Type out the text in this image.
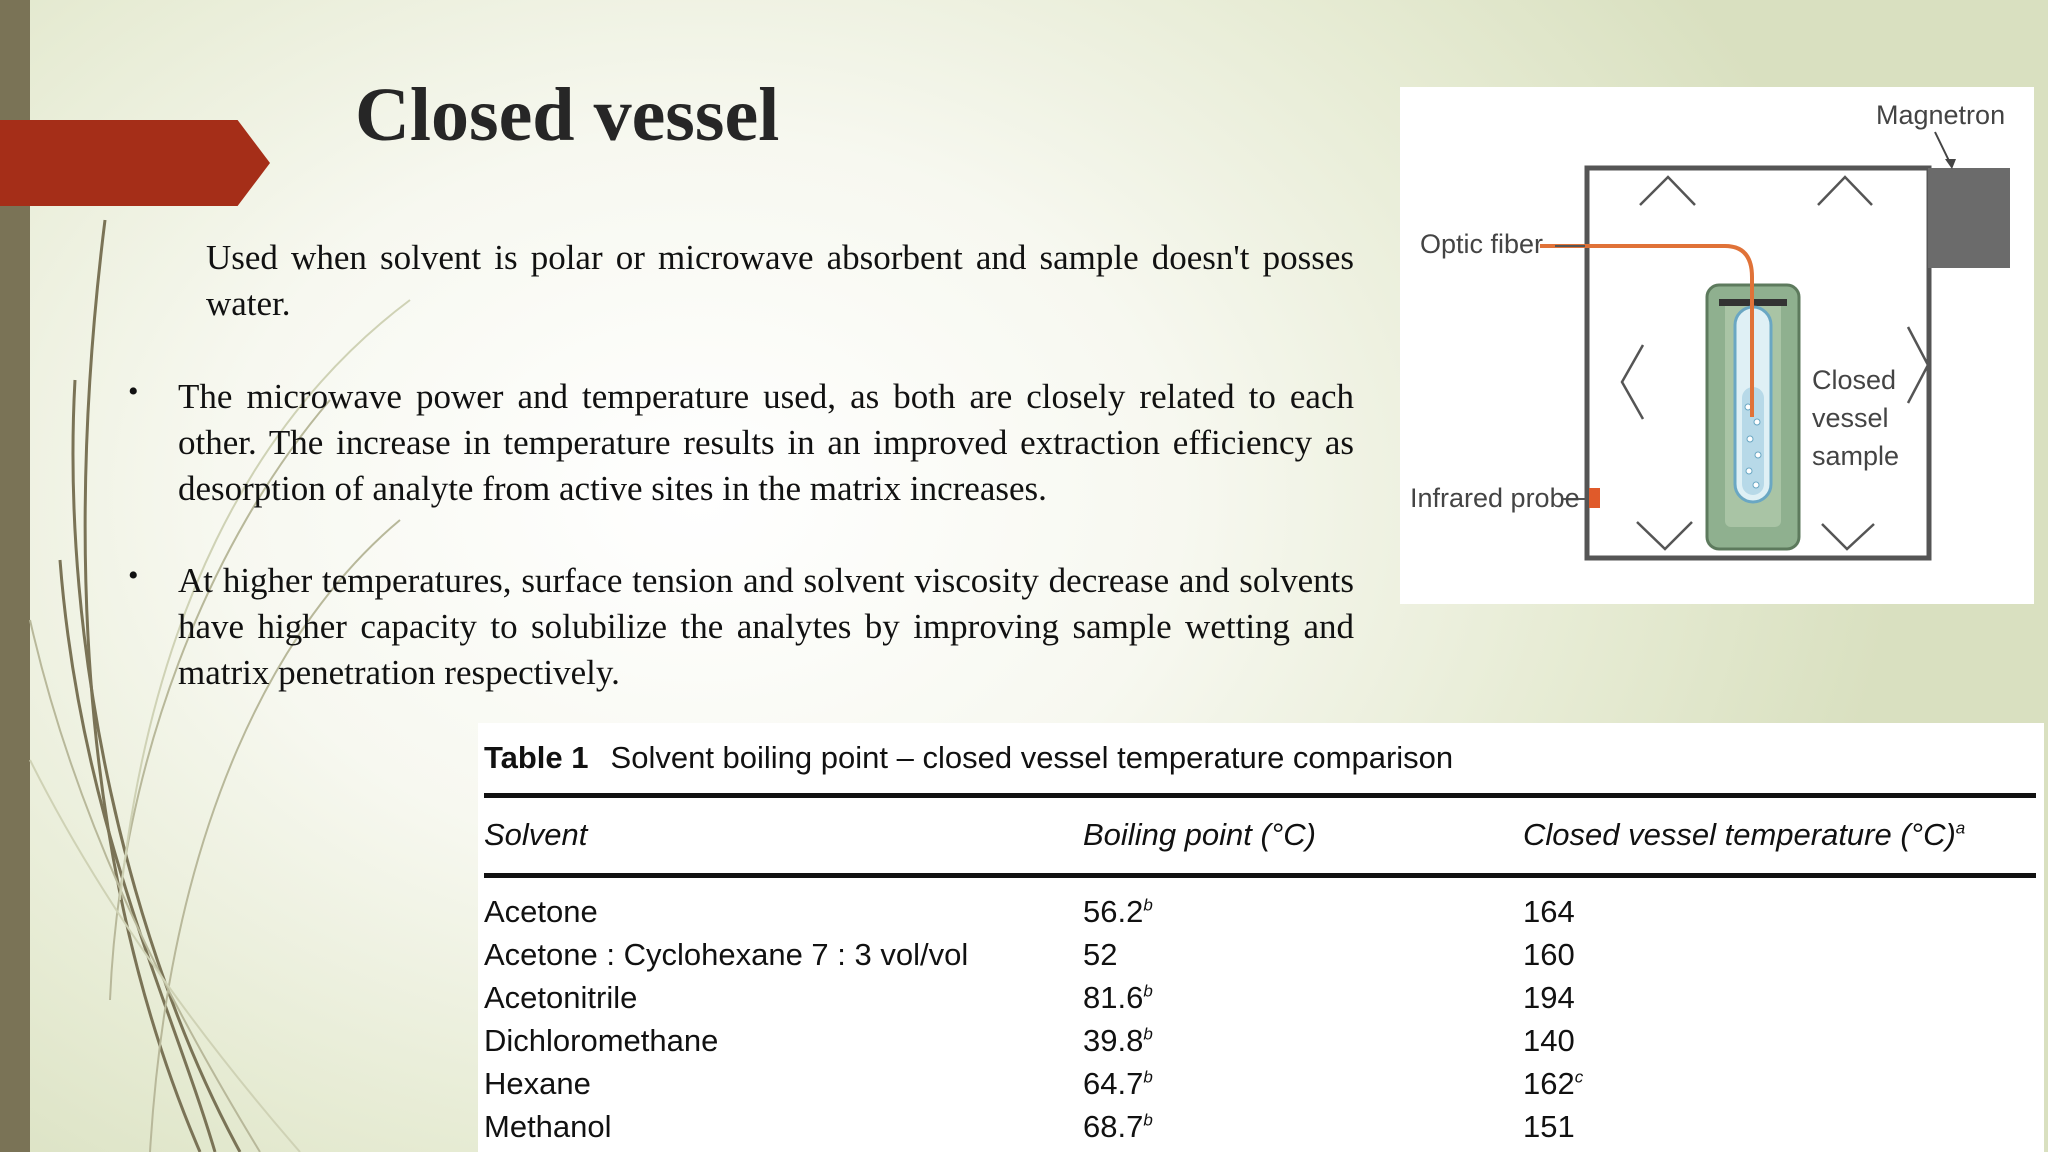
Closed vessel
Used when solvent is polar or microwave absorbent and sample doesn't posses water.
• The microwave power and temperature used, as both are closely related to each other. The increase in temperature results in an improved extraction efficiency as desorption of analyte from active sites in the matrix increases.
• At higher temperatures, surface tension and solvent viscosity decrease and solvents have higher capacity to solubilize the analytes by improving sample wetting and matrix penetration respectively.
Magnetron
Optic fiber
Infrared probe
Closed
vessel
sample
Table 1 Solvent boiling point – closed vessel temperature comparison
Solvent	Boiling point (°C)	Closed vessel temperature $(^\circ C)^a$
Acetone	56.2$^b$	164
Acetone : Cyclohexane 7 : 3 vol/vol	52	160
Acetonitrile	81.6$^b$	194
Dichloromethane	39.8$^b$	140
Hexane	64.7$^b$	162$^c$
Methanol	68.7$^b$	151
